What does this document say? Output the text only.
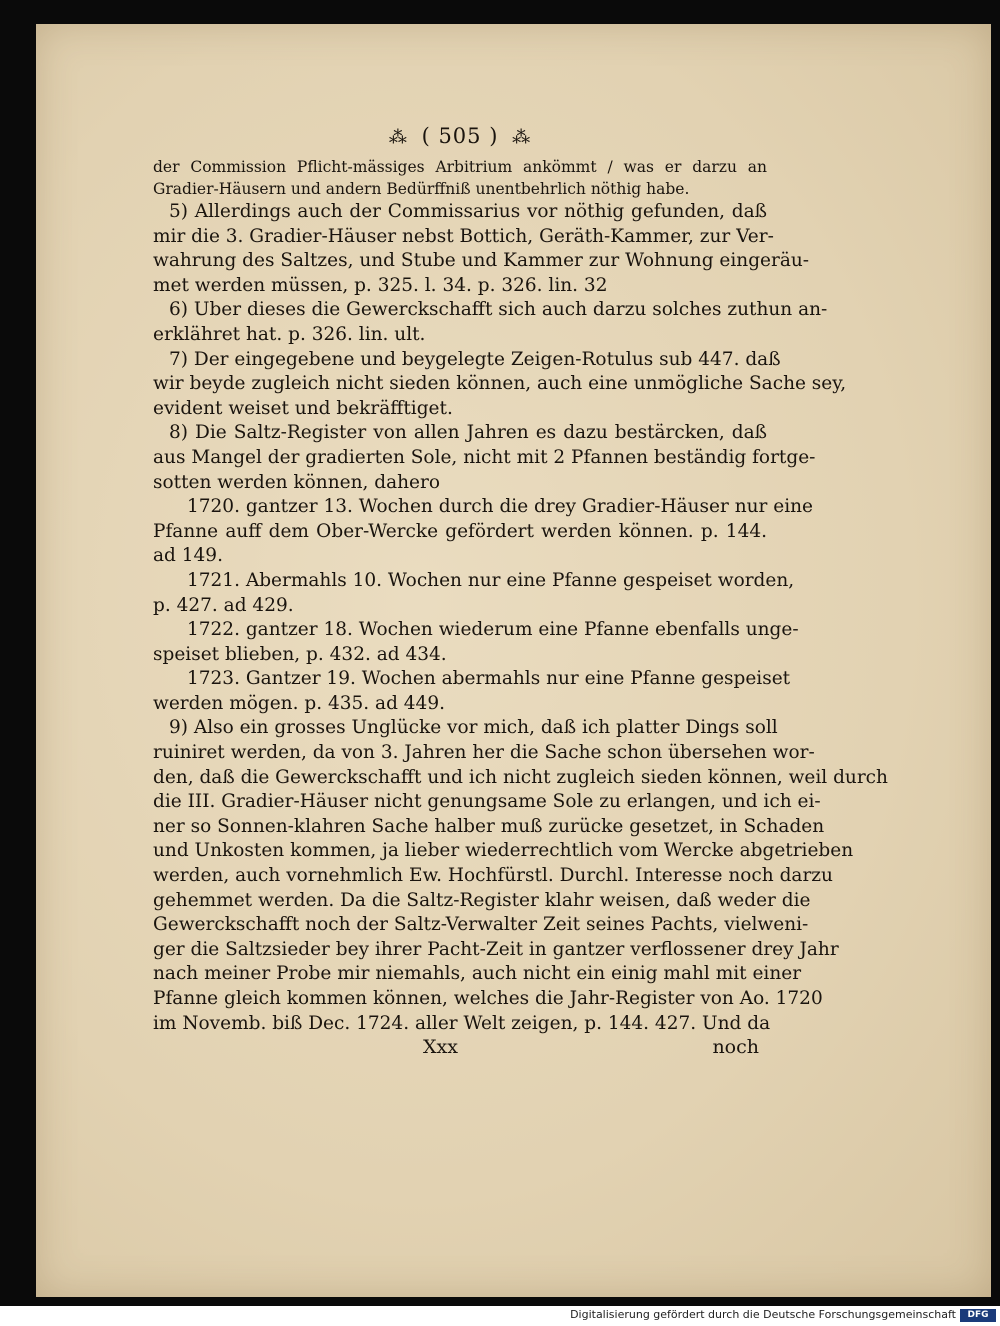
⁂ ( 505 ) ⁂
der Commission Pflicht-mässiges Arbitrium ankömmt / was er darzu an
Gradier-Häusern und andern Bedürffniß unentbehrlich nöthig habe.
5) Allerdings auch der Commissarius vor nöthig gefunden, daß
mir die 3. Gradier-Häuser nebst Bottich, Geräth-Kammer, zur Ver-
wahrung des Saltzes, und Stube und Kammer zur Wohnung eingeräu-
met werden müssen, p. 325. l. 34. p. 326. lin. 32
6) Uber dieses die Gewerckschafft sich auch darzu solches zuthun an-
erklähret hat. p. 326. lin. ult.
7) Der eingegebene und beygelegte Zeigen-Rotulus sub 447. daß
wir beyde zugleich nicht sieden können, auch eine unmögliche Sache sey,
evident weiset und bekräfftiget.
8) Die Saltz-Register von allen Jahren es dazu bestärcken, daß
aus Mangel der gradierten Sole, nicht mit 2 Pfannen beständig fortge-
sotten werden können, dahero
1720. gantzer 13. Wochen durch die drey Gradier-Häuser nur eine
Pfanne auff dem Ober-Wercke gefördert werden können. p. 144.
ad 149.
1721. Abermahls 10. Wochen nur eine Pfanne gespeiset worden,
p. 427. ad 429.
1722. gantzer 18. Wochen wiederum eine Pfanne ebenfalls unge-
speiset blieben, p. 432. ad 434.
1723. Gantzer 19. Wochen abermahls nur eine Pfanne gespeiset
werden mögen. p. 435. ad 449.
9) Also ein grosses Unglücke vor mich, daß ich platter Dings soll
ruiniret werden, da von 3. Jahren her die Sache schon übersehen wor-
den, daß die Gewerckschafft und ich nicht zugleich sieden können, weil durch
die III. Gradier-Häuser nicht genungsame Sole zu erlangen, und ich ei-
ner so Sonnen-klahren Sache halber muß zurücke gesetzet, in Schaden
und Unkosten kommen, ja lieber wiederrechtlich vom Wercke abgetrieben
werden, auch vornehmlich Ew. Hochfürstl. Durchl. Interesse noch darzu
gehemmet werden. Da die Saltz-Register klahr weisen, daß weder die
Gewerckschafft noch der Saltz-Verwalter Zeit seines Pachts, vielweni-
ger die Saltzsieder bey ihrer Pacht-Zeit in gantzer verflossener drey Jahr
nach meiner Probe mir niemahls, auch nicht ein einig mahl mit einer
Pfanne gleich kommen können, welches die Jahr-Register von Ao. 1720
im Novemb. biß Dec. 1724. aller Welt zeigen, p. 144. 427. Und da
Xxx	noch
Digitalisierung gefördert durch die Deutsche Forschungsgemeinschaft	DFG
